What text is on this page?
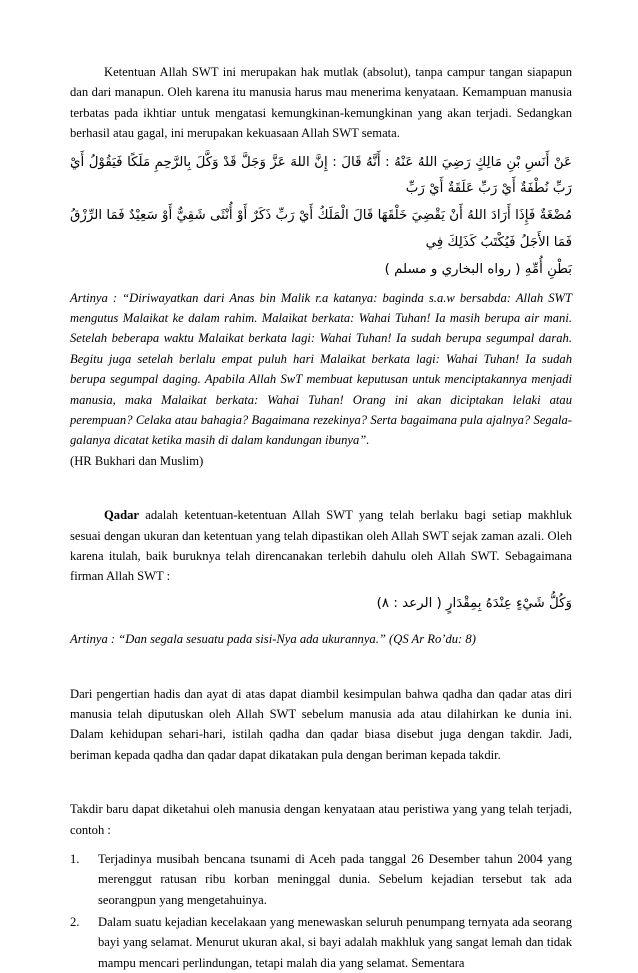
Ketentuan Allah SWT ini merupakan hak mutlak (absolut), tanpa campur tangan siapapun dan dari manapun. Oleh karena itu manusia harus mau menerima kenyataan. Kemampuan manusia terbatas pada ikhtiar untuk mengatasi kemungkinan-kemungkinan yang akan terjadi. Sedangkan berhasil atau gagal, ini merupakan kekuasaan Allah SWT semata.

عَنْ أَنَسِ بْنِ مَالِكٍ رَضِيَ اللهُ عَنْهُ : أَنَّهُ قَالَ : إِنَّ اللهَ عَزَّ وَجَلَّ قَدْ وَكَّلَ بِالرَّحِمِ مَلَكًا فَيَقُوْلُ أَيْ رَبِّ نُطْفَةٌ أَيْ رَبِّ عَلَقَةٌ أَيْ رَبِّ
مُضْغَةٌ فَإِذَا أَرَادَ اللهُ أَنْ يَقْضِيَ خَلْقَهَا قَالَ الْمَلَكُ أَيْ رَبِّ ذَكَرٌ أَوْ أُنْثَى شَقِيٌّ أَوْ سَعِيْدٌ فَمَا الرِّزْقُ فَمَا الأَجَلُ فَيُكْتَبُ كَذَلِكَ فِي
بَطْنِ أُمِّهِ ( رواه البخاري و مسلم )

Artinya : “Diriwayatkan dari Anas bin Malik r.a katanya: baginda s.a.w bersabda: Allah SWT mengutus Malaikat ke dalam rahim. Malaikat berkata: Wahai Tuhan! Ia masih berupa air mani. Setelah beberapa waktu Malaikat berkata lagi: Wahai Tuhan! Ia sudah berupa segumpal darah. Begitu juga setelah berlalu empat puluh hari Malaikat berkata lagi: Wahai Tuhan! Ia sudah berupa segumpal daging. Apabila Allah SwT membuat keputusan untuk menciptakannya menjadi manusia, maka Malaikat berkata: Wahai Tuhan! Orang ini akan diciptakan lelaki atau perempuan? Celaka atau bahagia? Bagaimana rezekinya? Serta bagaimana pula ajalnya? Segala-galanya dicatat ketika masih di dalam kandungan ibunya”.

(HR Bukhari dan Muslim)

Qadar adalah ketentuan-ketentuan Allah SWT yang telah berlaku bagi setiap makhluk sesuai dengan ukuran dan ketentuan yang telah dipastikan oleh Allah SWT sejak zaman azali. Oleh karena itulah, baik buruknya telah direncanakan terlebih dahulu oleh Allah SWT. Sebagaimana firman Allah SWT :

وَكُلُّ شَيْءٍ عِنْدَهُ بِمِقْدَارٍ ( الرعد : ٨)

Artinya : “Dan segala sesuatu pada sisi-Nya ada ukurannya.” (QS Ar Ro’du: 8)

Dari pengertian hadis dan ayat di atas dapat diambil kesimpulan bahwa qadha dan qadar atas diri manusia telah diputuskan oleh Allah SWT sebelum manusia ada atau dilahirkan ke dunia ini. Dalam kehidupan sehari-hari, istilah qadha dan qadar biasa disebut juga dengan takdir. Jadi, beriman kepada qadha dan qadar dapat dikatakan pula dengan beriman kepada takdir.

Takdir baru dapat diketahui oleh manusia dengan kenyataan atau peristiwa yang yang telah terjadi, contoh :

1.	Terjadinya musibah bencana tsunami di Aceh pada tanggal 26 Desember tahun 2004 yang merenggut ratusan ribu korban meninggal dunia. Sebelum kejadian tersebut tak ada seorangpun yang mengetahuinya.
2.	Dalam suatu kejadian kecelakaan yang menewaskan seluruh penumpang ternyata ada seorang bayi yang selamat. Menurut ukuran akal, si bayi adalah makhluk yang sangat lemah dan tidak mampu mencari perlindungan, tetapi malah dia yang selamat. Sementara
